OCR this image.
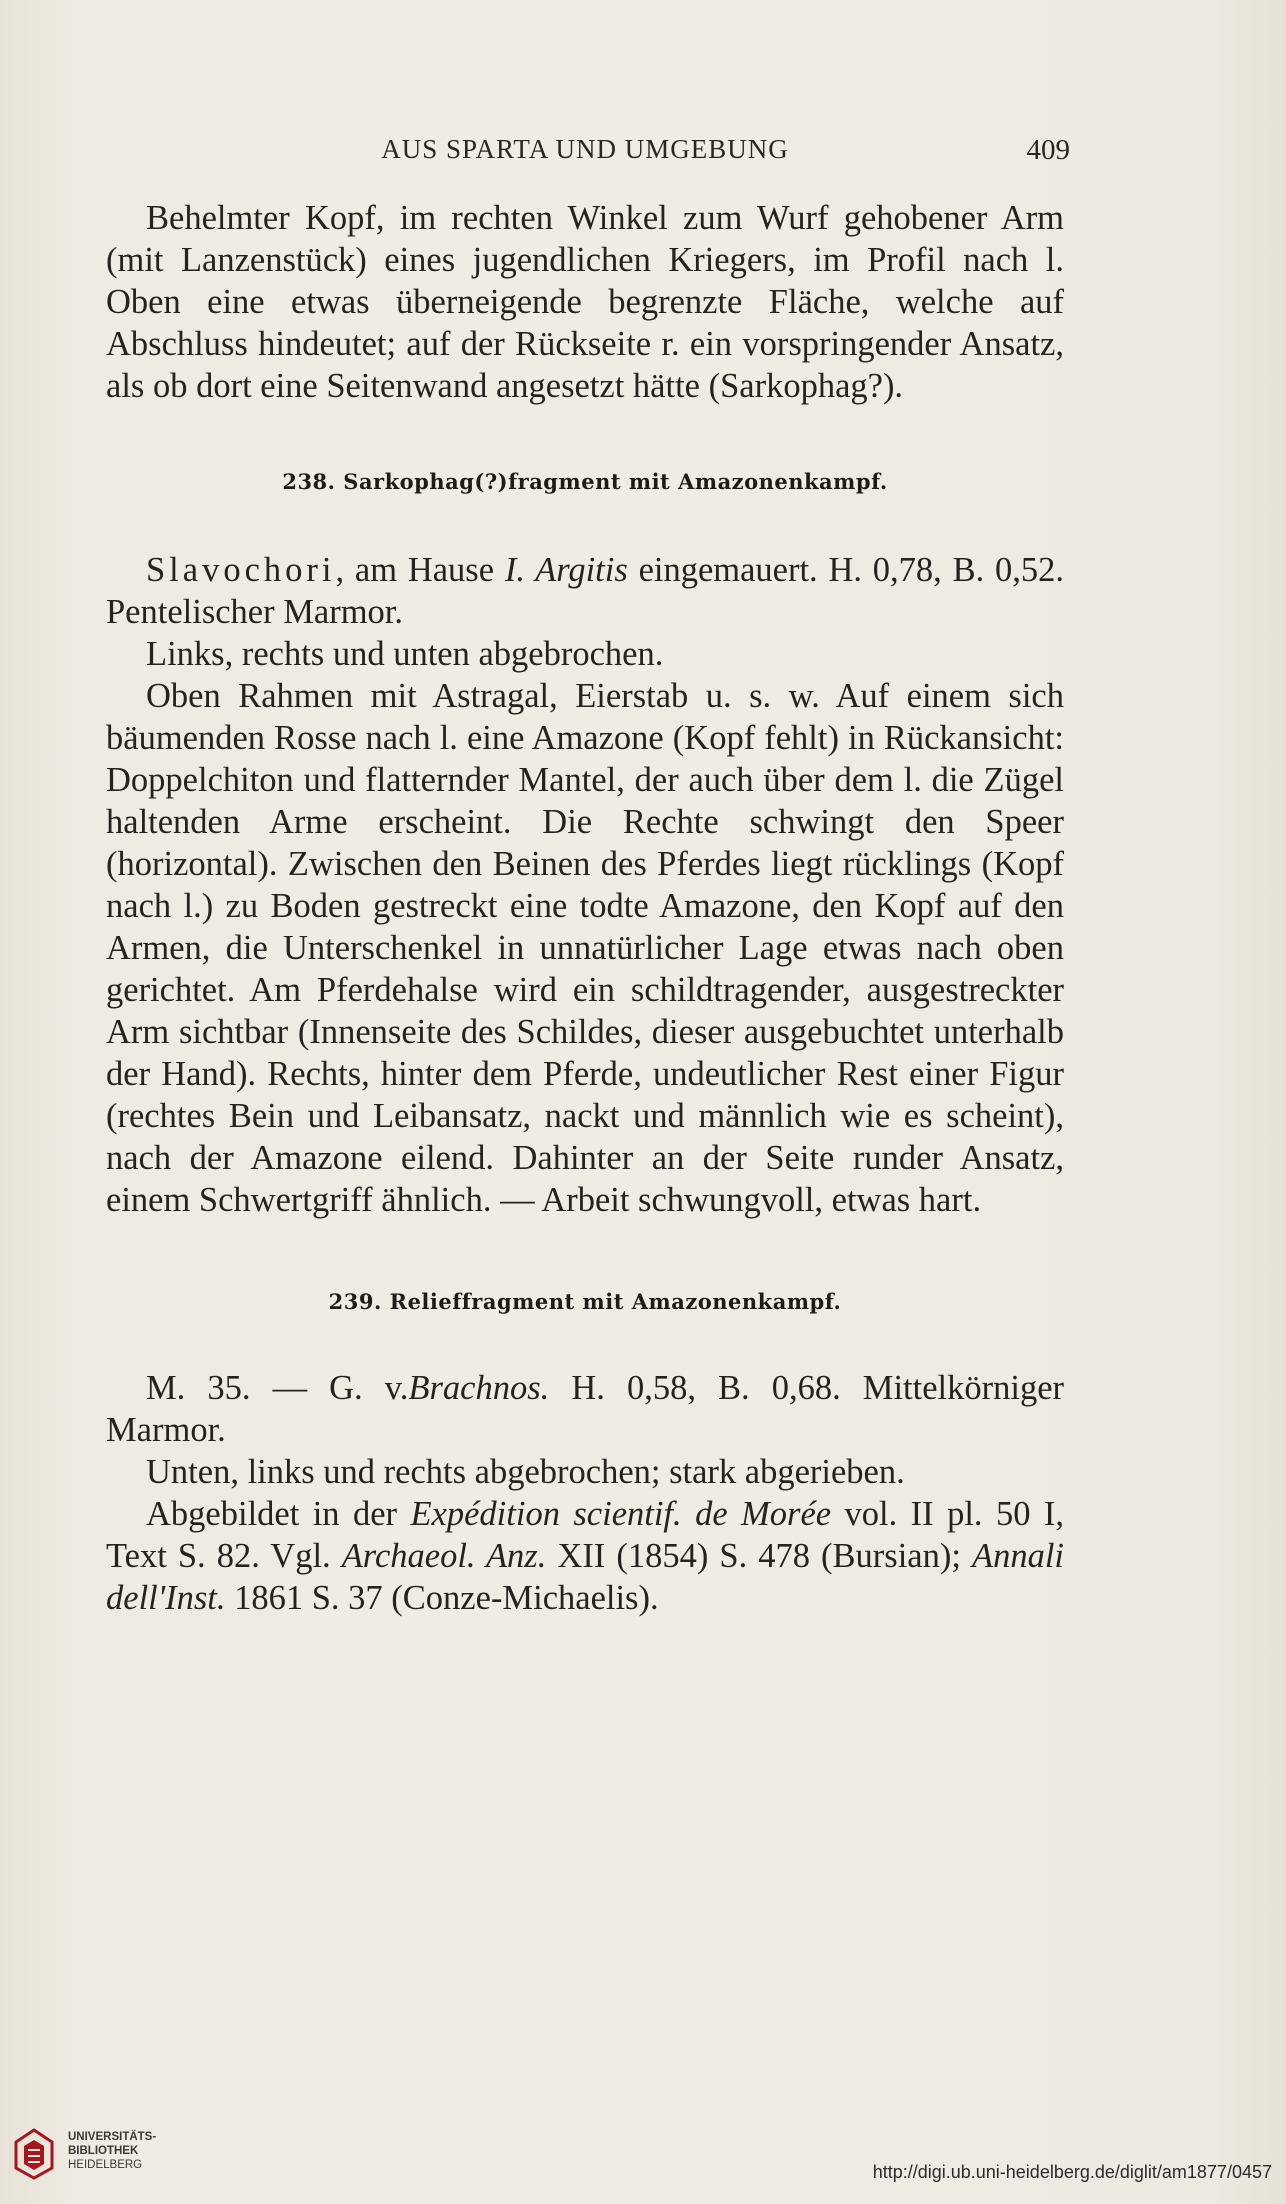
AUS SPARTA UND UMGEBUNG	409

Behelmter Kopf, im rechten Winkel zum Wurf gehobener Arm (mit Lanzenstück) eines jugendlichen Kriegers, im Profil nach l. Oben eine etwas überneigende begrenzte Fläche, welche auf Abschluss hindeutet; auf der Rückseite r. ein vorspringender Ansatz, als ob dort eine Seitenwand angesetzt hätte (Sarkophag?).

238. Sarkophag(?)fragment mit Amazonenkampf.

Slavochori, am Hause I. Argitis eingemauert. H. 0,78, B. 0,52. Pentelischer Marmor.

Links, rechts und unten abgebrochen.

Oben Rahmen mit Astragal, Eierstab u. s. w. Auf einem sich bäumenden Rosse nach l. eine Amazone (Kopf fehlt) in Rückansicht: Doppelchiton und flatternder Mantel, der auch über dem l. die Zügel haltenden Arme erscheint. Die Rechte schwingt den Speer (horizontal). Zwischen den Beinen des Pferdes liegt rücklings (Kopf nach l.) zu Boden gestreckt eine todte Amazone, den Kopf auf den Armen, die Unterschenkel in unnatürlicher Lage etwas nach oben gerichtet. Am Pferdehalse wird ein schildtragender, ausgestreckter Arm sichtbar (Innenseite des Schildes, dieser ausgebuchtet unterhalb der Hand). Rechts, hinter dem Pferde, undeutlicher Rest einer Figur (rechtes Bein und Leibansatz, nackt und männlich wie es scheint), nach der Amazone eilend. Dahinter an der Seite runder Ansatz, einem Schwertgriff ähnlich. — Arbeit schwungvoll, etwas hart.

239. Relieffragment mit Amazonenkampf.

M. 35. — G. v.Brachnos. H. 0,58, B. 0,68. Mittelkörniger Marmor.

Unten, links und rechts abgebrochen; stark abgerieben.

Abgebildet in der Expédition scientif. de Morée vol. II pl. 50 I, Text S. 82. Vgl. Archaeol. Anz. XII (1854) S. 478 (Bursian); Annali dell'Inst. 1861 S. 37 (Conze-Michaelis).

UNIVERSITÄTS-
BIBLIOTHEK
HEIDELBERG	http://digi.ub.uni-heidelberg.de/diglit/am1877/0457
